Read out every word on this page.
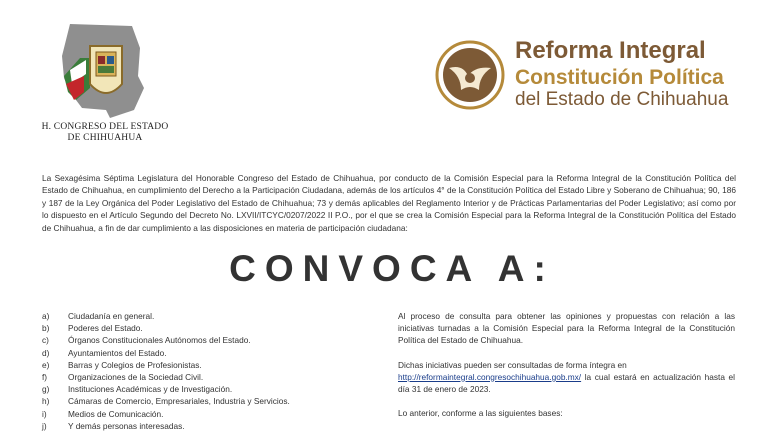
H. CONGRESO DEL ESTADO
DE CHIHUAHUA
Reforma Integral
Constitución Política
del Estado de Chihuahua
La Sexagésima Séptima Legislatura del Honorable Congreso del Estado de Chihuahua, por conducto de la Comisión Especial para la Reforma Integral de la Constitución Política del Estado de Chihuahua, en cumplimiento del Derecho a la Participación Ciudadana, además de los artículos 4° de la Constitución Política del Estado Libre y Soberano de Chihuahua; 90, 186 y 187 de la Ley Orgánica del Poder Legislativo del Estado de Chihuahua; 73 y demás aplicables del Reglamento Interior y de Prácticas Parlamentarias del Poder Legislativo; así como por lo dispuesto en el Artículo Segundo del Decreto No. LXVII/ITCYC/0207/2022 II P.O., por el que se crea la Comisión Especial para la Reforma Integral de la Constitución Política del Estado de Chihuahua, a fin de dar cumplimiento a las disposiciones en materia de participación ciudadana:
CONVOCA A:
a)	Ciudadanía en general.
b)	Poderes del Estado.
c)	Órganos Constitucionales Autónomos del Estado.
d)	Ayuntamientos del Estado.
e)	Barras y Colegios de Profesionistas.
f)	Organizaciones de la Sociedad Civil.
g)	Instituciones Académicas y de Investigación.
h)	Cámaras de Comercio, Empresariales, Industria y Servicios.
i)	Medios de Comunicación.
j)	Y demás personas interesadas.

Al proceso de consulta para obtener las opiniones y propuestas con relación a las iniciativas turnadas a la Comisión Especial para la Reforma Integral de la Constitución Política del Estado de Chihuahua.

Dichas iniciativas pueden ser consultadas de forma íntegra en
http://reformaintegral.congresochihuahua.gob.mx/ la cual estará en actualización hasta el día 31 de enero de 2023.

Lo anterior, conforme a las siguientes bases:
